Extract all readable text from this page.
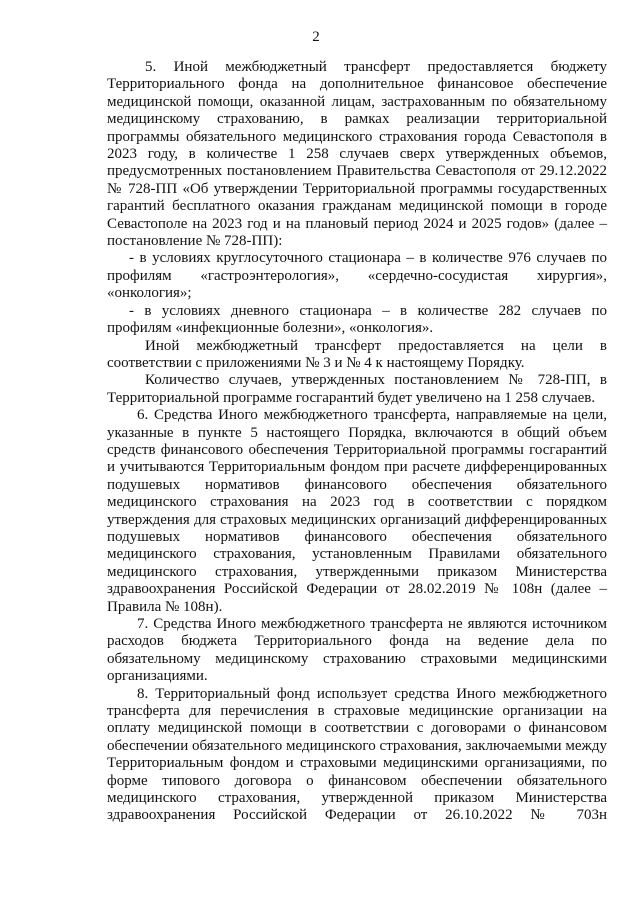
2

5. Иной межбюджетный трансферт предоставляется бюджету Территориального фонда на дополнительное финансовое обеспечение медицинской помощи, оказанной лицам, застрахованным по обязательному медицинскому страхованию, в рамках реализации территориальной программы обязательного медицинского страхования города Севастополя в 2023 году, в количестве 1 258 случаев сверх утвержденных объемов, предусмотренных постановлением Правительства Севастополя от 29.12.2022 № 728-ПП «Об утверждении Территориальной программы государственных гарантий бесплатного оказания гражданам медицинской помощи в городе Севастополе на 2023 год и на плановый период 2024 и 2025 годов» (далее – постановление № 728-ПП):

- в условиях круглосуточного стационара – в количестве 976 случаев по профилям «гастроэнтерология», «сердечно-сосудистая хирургия», «онкология»;

- в условиях дневного стационара – в количестве 282 случаев по профилям «инфекционные болезни», «онкология».

Иной межбюджетный трансферт предоставляется на цели в соответствии с приложениями № 3 и № 4 к настоящему Порядку.

Количество случаев, утвержденных постановлением № 728-ПП, в Территориальной программе госгарантий будет увеличено на 1 258 случаев.

6. Средства Иного межбюджетного трансферта, направляемые на цели, указанные в пункте 5 настоящего Порядка, включаются в общий объем средств финансового обеспечения Территориальной программы госгарантий и учитываются Территориальным фондом при расчете дифференцированных подушевых нормативов финансового обеспечения обязательного медицинского страхования на 2023 год в соответствии с порядком утверждения для страховых медицинских организаций дифференцированных подушевых нормативов финансового обеспечения обязательного медицинского страхования, установленным Правилами обязательного медицинского страхования, утвержденными приказом Министерства здравоохранения Российской Федерации от 28.02.2019 № 108н (далее – Правила № 108н).

7. Средства Иного межбюджетного трансферта не являются источником расходов бюджета Территориального фонда на ведение дела по обязательному медицинскому страхованию страховыми медицинскими организациями.

8. Территориальный фонд использует средства Иного межбюджетного трансферта для перечисления в страховые медицинские организации на оплату медицинской помощи в соответствии с договорами о финансовом обеспечении обязательного медицинского страхования, заключаемыми между Территориальным фондом и страховыми медицинскими организациями, по форме типового договора о финансовом обеспечении обязательного медицинского страхования, утвержденной приказом Министерства здравоохранения Российской Федерации от 26.10.2022 № 703н
